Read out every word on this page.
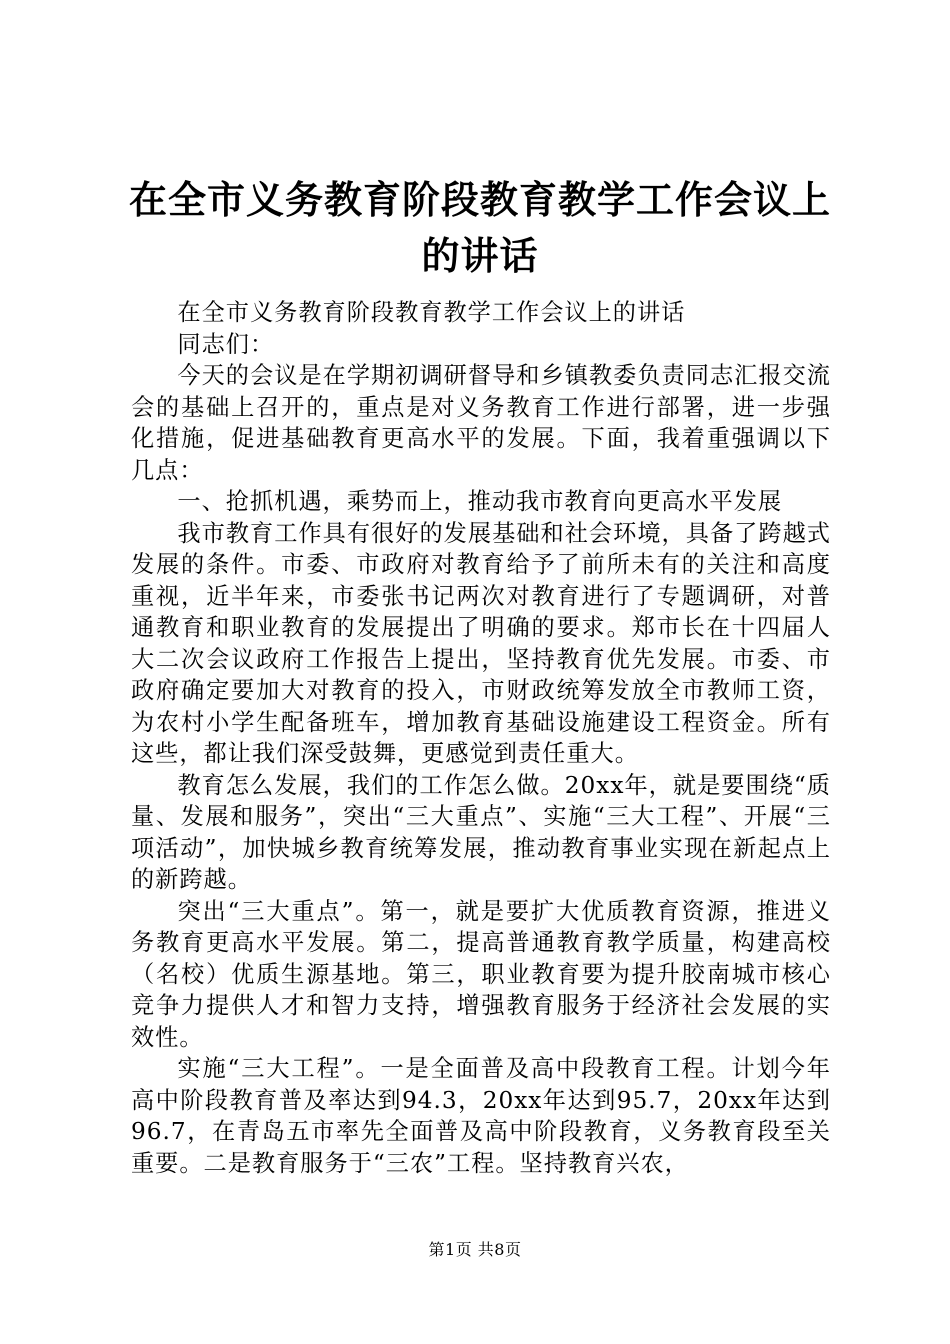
在全市义务教育阶段教育教学工作会议上的讲话

在全市义务教育阶段教育教学工作会议上的讲话

同志们：

今天的会议是在学期初调研督导和乡镇教委负责同志汇报交流会的基础上召开的，重点是对义务教育工作进行部署，进一步强化措施，促进基础教育更高水平的发展。下面，我着重强调以下几点：

一、抢抓机遇，乘势而上，推动我市教育向更高水平发展

我市教育工作具有很好的发展基础和社会环境，具备了跨越式发展的条件。市委、市政府对教育给予了前所未有的关注和高度重视，近半年来，市委张书记两次对教育进行了专题调研，对普通教育和职业教育的发展提出了明确的要求。郑市长在十四届人大二次会议政府工作报告上提出，坚持教育优先发展。市委、市政府确定要加大对教育的投入，市财政统筹发放全市教师工资，为农村小学生配备班车，增加教育基础设施建设工程资金。所有这些，都让我们深受鼓舞，更感觉到责任重大。

教育怎么发展，我们的工作怎么做。20xx年，就是要围绕“质量、发展和服务”，突出“三大重点”、实施“三大工程”、开展“三项活动”，加快城乡教育统筹发展，推动教育事业实现在新起点上的新跨越。

突出“三大重点”。第一，就是要扩大优质教育资源，推进义务教育更高水平发展。第二，提高普通教育教学质量，构建高校（名校）优质生源基地。第三，职业教育要为提升胶南城市核心竞争力提供人才和智力支持，增强教育服务于经济社会发展的实效性。

实施“三大工程”。一是全面普及高中段教育工程。计划今年高中阶段教育普及率达到94.3，20xx年达到95.7，20xx年达到96.7，在青岛五市率先全面普及高中阶段教育，义务教育段至关重要。二是教育服务于“三农”工程。坚持教育兴农，

第1页 共8页
